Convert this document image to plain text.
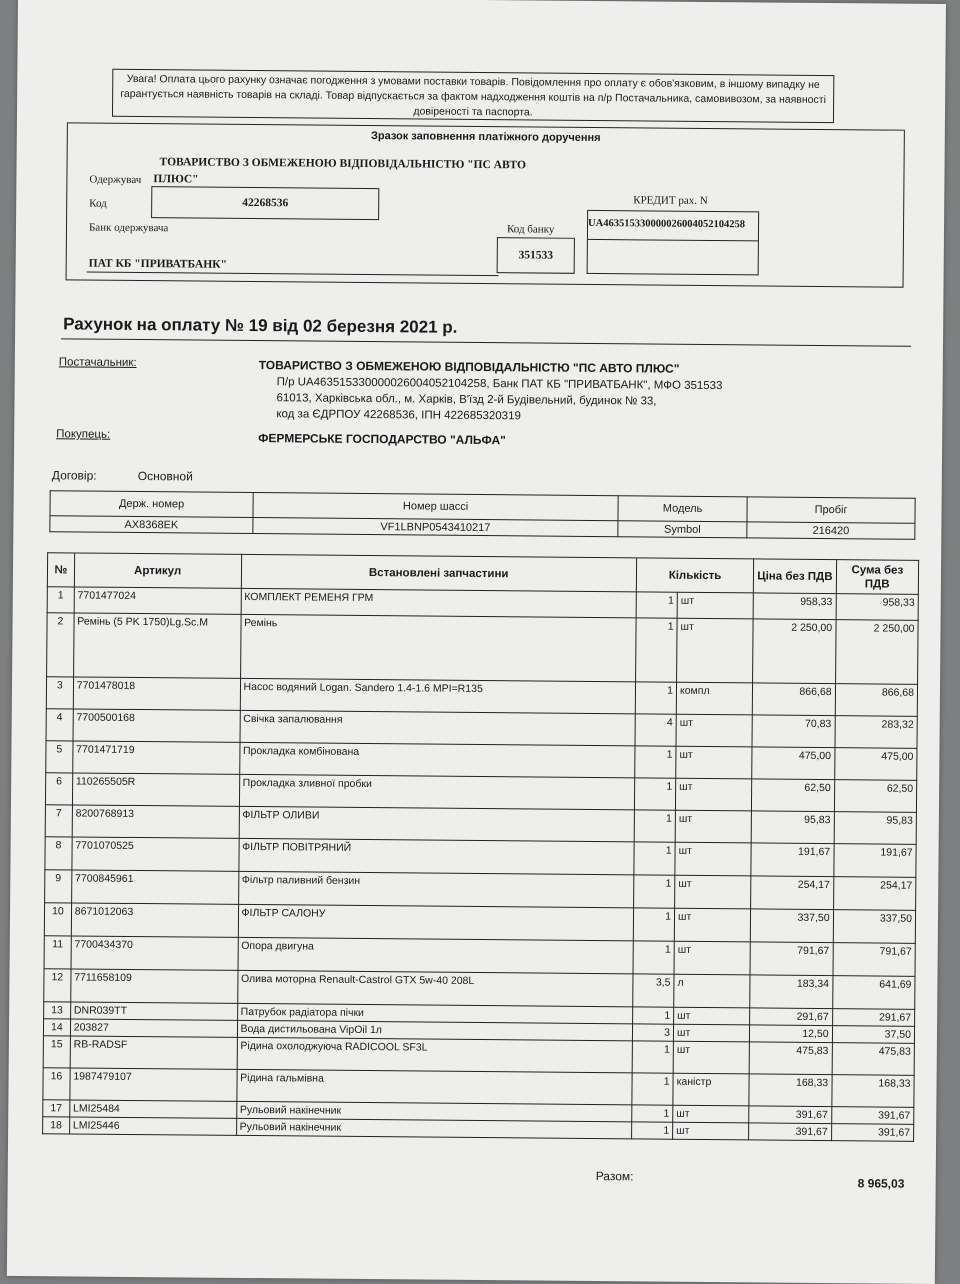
Увага! Оплата цього рахунку означає погодження з умовами поставки товарів. Повідомлення про оплату є обов'язковим, в іншому випадку не гарантується наявність товарів на складі. Товар відпускається за фактом надходження коштів на п/р Постачальника, самовивозом, за наявності довіреності та паспорта.
Зразок заповнення платіжного доручення
ТОВАРИСТВО З ОБМЕЖЕНОЮ ВІДПОВІДАЛЬНІСТЮ "ПС АВТО
Одержувач ПЛЮС"
Код	42268536
Банк одержувача	Код банку
351533
КРЕДИТ рах. N
UA463515330000026004052104258
ПАТ КБ "ПРИВАТБАНК"
Рахунок на оплату № 19 від 02 березня 2021 р.
Постачальник:	ТОВАРИСТВО З ОБМЕЖЕНОЮ ВІДПОВІДАЛЬНІСТЮ "ПС АВТО ПЛЮС"
П/р UA463515330000026004052104258, Банк ПАТ КБ "ПРИВАТБАНК", МФО 351533
61013, Харківська обл., м. Харків, В'їзд 2-й Будівельний, будинок № 33,
код за ЄДРПОУ 42268536, ІПН 422685320319
Покупець:	ФЕРМЕРСЬКЕ ГОСПОДАРСТВО "АЛЬФА"
Договір:	Основной
Держ. номер	Номер шассі	Модель	Пробіг
AX8368EK	VF1LBNP0543410217	Symbol	216420
№	Артикул	Встановлені запчастини	Кількість		Ціна без ПДВ	Сума без ПДВ
1	7701477024	КОМПЛЕКТ РЕМЕНЯ ГРМ	1	шт	958,33	958,33
2	Ремінь (5 PK 1750)Lg.Sc.M	Ремінь	1	шт	2 250,00	2 250,00
3	7701478018	Насос водяний Logan. Sandero 1.4-1.6 MPI=R135	1	компл	866,68	866,68
4	7700500168	Свічка запалювання	4	шт	70,83	283,32
5	7701471719	Прокладка комбінована	1	шт	475,00	475,00
6	110265505R	Прокладка зливної пробки	1	шт	62,50	62,50
7	8200768913	ФІЛЬТР ОЛИВИ	1	шт	95,83	95,83
8	7701070525	ФІЛЬТР ПОВІТРЯНИЙ	1	шт	191,67	191,67
9	7700845961	Фільтр паливний бензин	1	шт	254,17	254,17
10	8671012063	ФІЛЬТР САЛОНУ	1	шт	337,50	337,50
11	7700434370	Опора двигуна	1	шт	791,67	791,67
12	7711658109	Олива моторна Renault-Castrol GTX 5w-40 208L	3,5	л	183,34	641,69
13	DNR039TT	Патрубок радіатора пічки	1	шт	291,67	291,67
14	203827	Вода дистильована VipOil 1л	3	шт	12,50	37,50
15	RB-RADSF	Рідина охолоджуюча RADICOOL SF3L	1	шт	475,83	475,83
16	1987479107	Рідина гальмівна	1	каністр	168,33	168,33
17	LMI25484	Рульовий накінечник	1	шт	391,67	391,67
18	LMI25446	Рульовий накінечник	1	шт	391,67	391,67
Разом:
8 965,03
